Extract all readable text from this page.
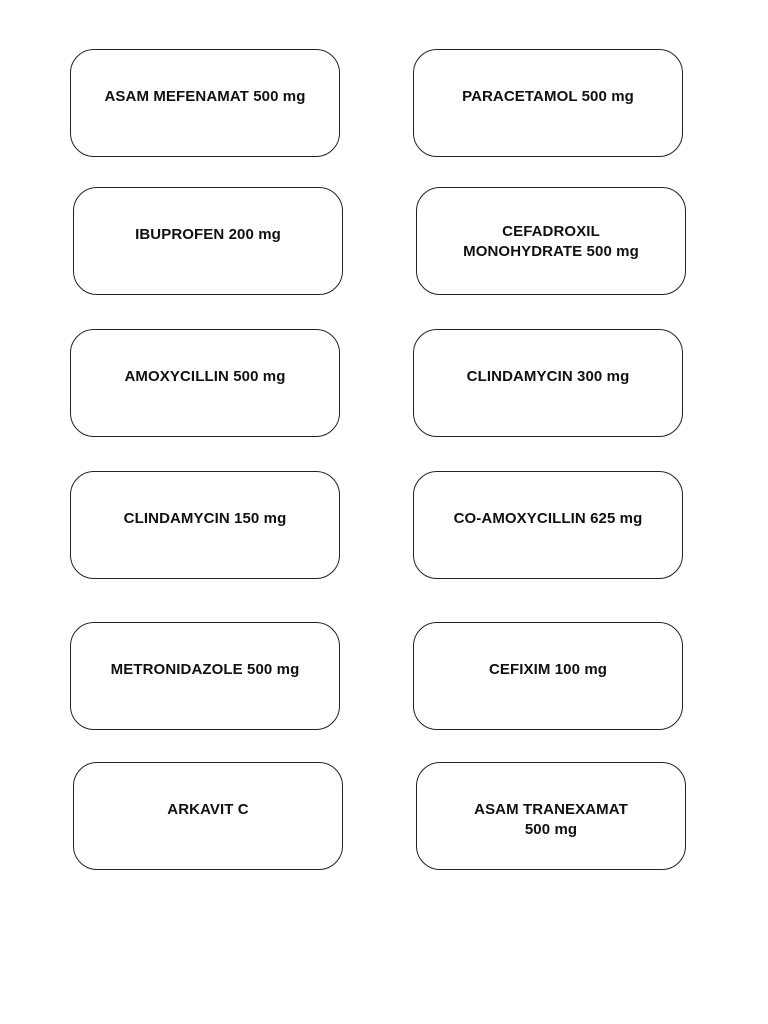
ASAM MEFENAMAT 500 mg	PARACETAMOL 500 mg
IBUPROFEN 200 mg	CEFADROXIL
MONOHYDRATE 500 mg
AMOXYCILLIN 500 mg	CLINDAMYCIN 300 mg
CLINDAMYCIN 150 mg	CO-AMOXYCILLIN 625 mg
METRONIDAZOLE 500 mg	CEFIXIM 100 mg
ARKAVIT C	ASAM TRANEXAMAT
500 mg
